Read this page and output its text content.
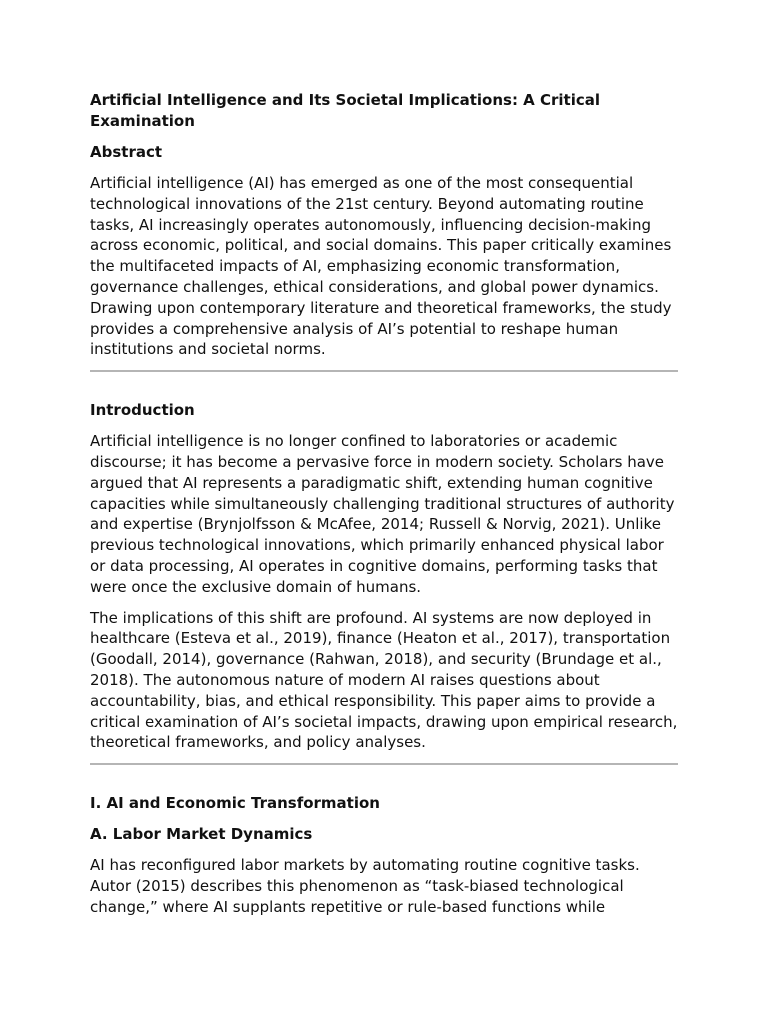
Artificial Intelligence and Its Societal Implications: A Critical Examination
Abstract

Artificial intelligence (AI) has emerged as one of the most consequential technological innovations of the 21st century. Beyond automating routine tasks, AI increasingly operates autonomously, influencing decision-making across economic, political, and social domains. This paper critically examines the multifaceted impacts of AI, emphasizing economic transformation, governance challenges, ethical considerations, and global power dynamics. Drawing upon contemporary literature and theoretical frameworks, the study provides a comprehensive analysis of AI’s potential to reshape human institutions and societal norms.

Introduction

Artificial intelligence is no longer confined to laboratories or academic discourse; it has become a pervasive force in modern society. Scholars have argued that AI represents a paradigmatic shift, extending human cognitive capacities while simultaneously challenging traditional structures of authority and expertise (Brynjolfsson & McAfee, 2014; Russell & Norvig, 2021). Unlike previous technological innovations, which primarily enhanced physical labor or data processing, AI operates in cognitive domains, performing tasks that were once the exclusive domain of humans.

The implications of this shift are profound. AI systems are now deployed in healthcare (Esteva et al., 2019), finance (Heaton et al., 2017), transportation (Goodall, 2014), governance (Rahwan, 2018), and security (Brundage et al., 2018). The autonomous nature of modern AI raises questions about accountability, bias, and ethical responsibility. This paper aims to provide a critical examination of AI’s societal impacts, drawing upon empirical research, theoretical frameworks, and policy analyses.

I. AI and Economic Transformation
A. Labor Market Dynamics

AI has reconfigured labor markets by automating routine cognitive tasks. Autor (2015) describes this phenomenon as “task-biased technological change,” where AI supplants repetitive or rule-based functions while
